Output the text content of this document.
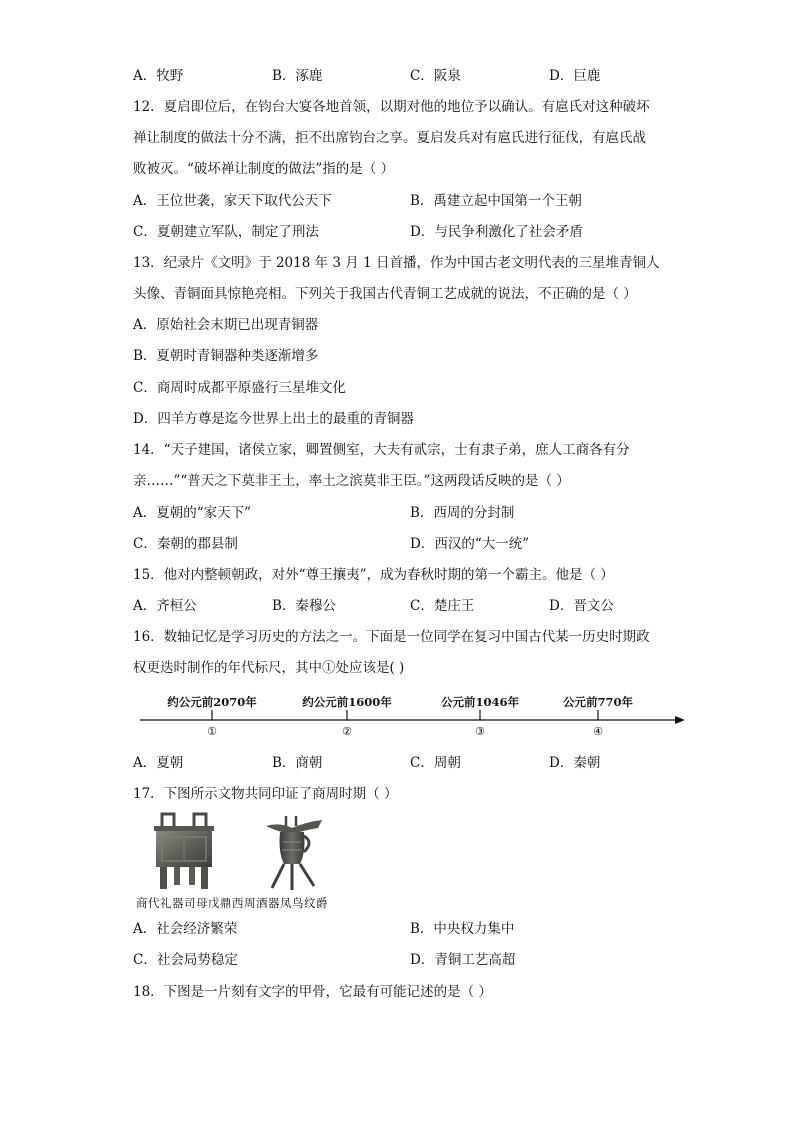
A．牧野	B．涿鹿	C．阪泉	D．巨鹿
12．夏启即位后，在钧台大宴各地首领，以期对他的地位予以确认。有扈氏对这种破坏
禅让制度的做法十分不满，拒不出席钧台之享。夏启发兵对有扈氏进行征伐，有扈氏战
败被灭。“破坏禅让制度的做法”指的是（ ）
A．王位世袭，家天下取代公天下	B．禹建立起中国第一个王朝
C．夏朝建立军队，制定了刑法	D．与民争利激化了社会矛盾
13．纪录片《文明》于 2018 年 3 月 1 日首播，作为中国古老文明代表的三星堆青铜人
头像、青铜面具惊艳亮相。下列关于我国古代青铜工艺成就的说法，不正确的是（ ）
A．原始社会末期已出现青铜器
B．夏朝时青铜器种类逐渐增多
C．商周时成都平原盛行三星堆文化
D．四羊方尊是迄今世界上出土的最重的青铜器
14．“天子建国，诸侯立家，卿置侧室，大夫有贰宗，士有隶子弟，庶人工商各有分
亲……”“普天之下莫非王土，率土之滨莫非王臣。”这两段话反映的是（ ）
A．夏朝的“家天下”	B．西周的分封制
C．秦朝的郡县制	D．西汉的“大一统”
15．他对内整顿朝政，对外“尊王攘夷”，成为春秋时期的第一个霸主。他是（ ）
A．齐桓公	B．秦穆公	C．楚庄王	D．晋文公
16．数轴记忆是学习历史的方法之一。下面是一位同学在复习中国古代某一历史时期政
权更迭时制作的年代标尺，其中①处应该是( )
约公元前2070年	约公元前1600年	公元前1046年	公元前770年
①	②	③	④
A．夏朝	B．商朝	C．周朝	D．秦朝
17．下图所示文物共同印证了商周时期（ ）
商代礼器司母戊鼎西周酒器凤鸟纹爵
A．社会经济繁荣	B．中央权力集中
C．社会局势稳定	D．青铜工艺高超
18．下图是一片刻有文字的甲骨，它最有可能记述的是（ ）
